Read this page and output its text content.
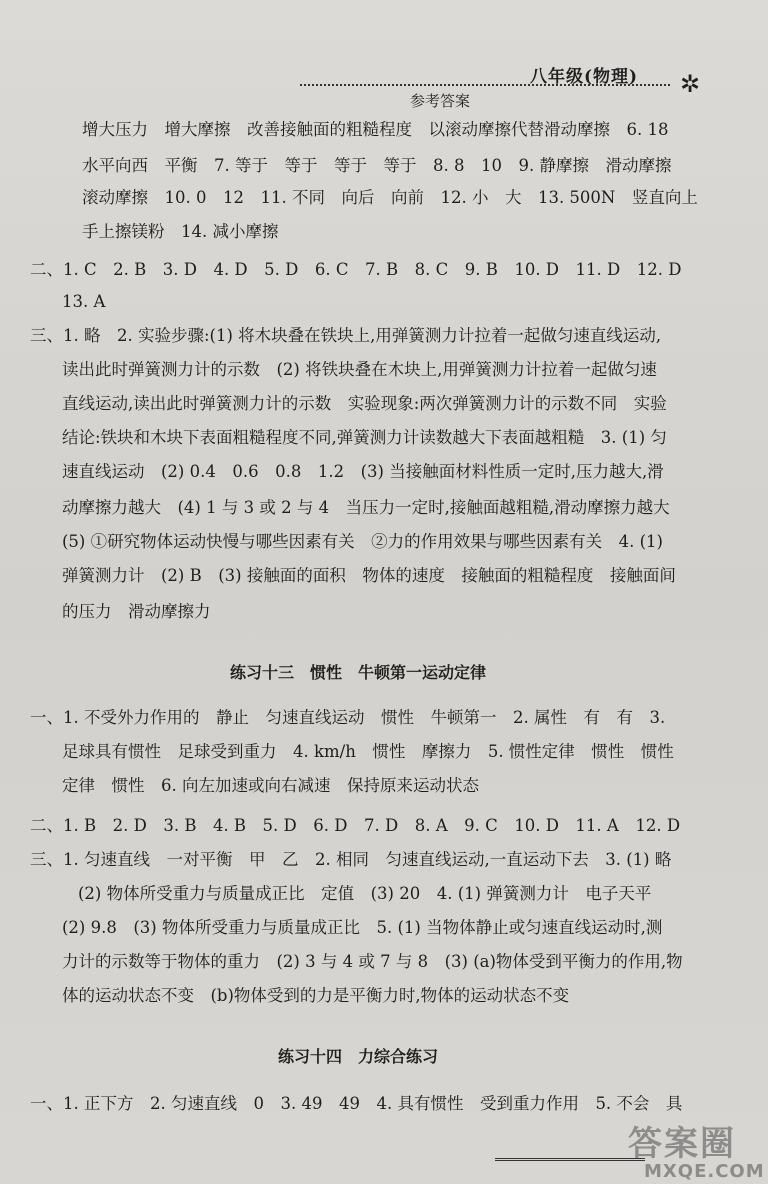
八年级(物理) ✲
参考答案
增大压力　增大摩擦　改善接触面的粗糙程度　以滚动摩擦代替滑动摩擦　6. 18
水平向西　平衡　7. 等于　等于　等于　等于　8. 8　10　9. 静摩擦　滑动摩擦
滚动摩擦　10. 0　12　11. 不同　向后　向前　12. 小　大　13. 500N　竖直向上
手上擦镁粉　14. 减小摩擦
二、1. C　2. B　3. D　4. D　5. D　6. C　7. B　8. C　9. B　10. D　11. D　12. D
13. A
三、1. 略　2. 实验步骤:(1) 将木块叠在铁块上,用弹簧测力计拉着一起做匀速直线运动,
读出此时弹簧测力计的示数　(2) 将铁块叠在木块上,用弹簧测力计拉着一起做匀速
直线运动,读出此时弹簧测力计的示数　实验现象:两次弹簧测力计的示数不同　实验
结论:铁块和木块下表面粗糙程度不同,弹簧测力计读数越大下表面越粗糙　3. (1) 匀
速直线运动　(2) 0.4　0.6　0.8　1.2　(3) 当接触面材料性质一定时,压力越大,滑
动摩擦力越大　(4) 1 与 3 或 2 与 4　当压力一定时,接触面越粗糙,滑动摩擦力越大
(5) ①研究物体运动快慢与哪些因素有关　②力的作用效果与哪些因素有关　4. (1)
弹簧测力计　(2) B　(3) 接触面的面积　物体的速度　接触面的粗糙程度　接触面间
的压力　滑动摩擦力
练习十三　惯性　牛顿第一运动定律
一、1. 不受外力作用的　静止　匀速直线运动　惯性　牛顿第一　2. 属性　有　有　3.
足球具有惯性　足球受到重力　4. km/h　惯性　摩擦力　5. 惯性定律　惯性　惯性
定律　惯性　6. 向左加速或向右减速　保持原来运动状态
二、1. B　2. D　3. B　4. B　5. D　6. D　7. D　8. A　9. C　10. D　11. A　12. D
三、1. 匀速直线　一对平衡　甲　乙　2. 相同　匀速直线运动,一直运动下去　3. (1) 略
(2) 物体所受重力与质量成正比　定值　(3) 20　4. (1) 弹簧测力计　电子天平
(2) 9.8　(3) 物体所受重力与质量成正比　5. (1) 当物体静止或匀速直线运动时,测
力计的示数等于物体的重力　(2) 3 与 4 或 7 与 8　(3) (a)物体受到平衡力的作用,物
体的运动状态不变　(b)物体受到的力是平衡力时,物体的运动状态不变
练习十四　力综合练习
一、1. 正下方　2. 匀速直线　0　3. 49　49　4. 具有惯性　受到重力作用　5. 不会　具
答案圈
MXQE.COM
